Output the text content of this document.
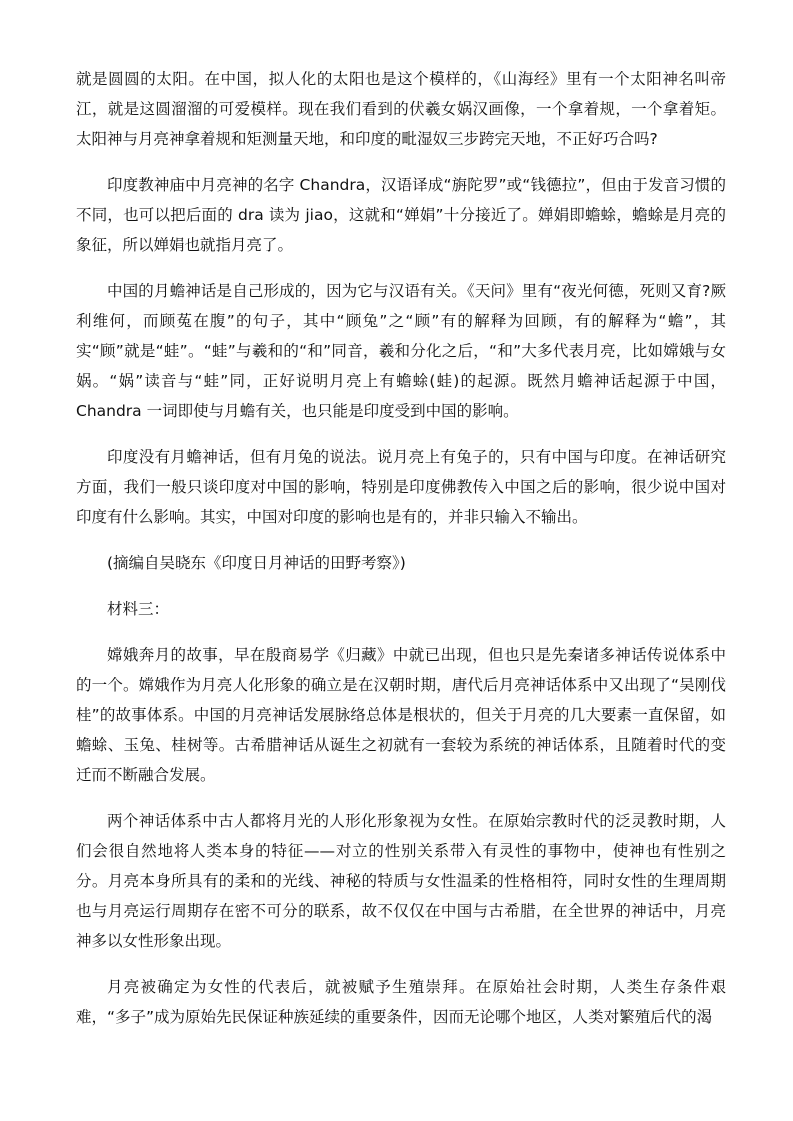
就是圆圆的太阳。在中国，拟人化的太阳也是这个模样的，《山海经》里有一个太阳神名叫帝江，就是这圆溜溜的可爱模样。现在我们看到的伏羲女娲汉画像，一个拿着规，一个拿着矩。太阳神与月亮神拿着规和矩测量天地，和印度的毗湿奴三步跨完天地，不正好巧合吗?

印度教神庙中月亮神的名字 Chandra，汉语译成“旃陀罗”或“钱德拉”，但由于发音习惯的不同，也可以把后面的 dra 读为 jiao，这就和“婵娟”十分接近了。婵娟即蟾蜍，蟾蜍是月亮的象征，所以婵娟也就指月亮了。

中国的月蟾神话是自己形成的，因为它与汉语有关。《天问》里有“夜光何德，死则又育?厥利维何，而顾菟在腹”的句子，其中“顾兔”之“顾”有的解释为回顾，有的解释为“蟾”，其实“顾”就是“蛙”。“蛙”与羲和的“和”同音，羲和分化之后，“和”大多代表月亮，比如嫦娥与女娲。“娲”读音与“蛙”同，正好说明月亮上有蟾蜍(蛙)的起源。既然月蟾神话起源于中国，Chandra 一词即使与月蟾有关，也只能是印度受到中国的影响。

印度没有月蟾神话，但有月兔的说法。说月亮上有兔子的，只有中国与印度。在神话研究方面，我们一般只谈印度对中国的影响，特别是印度佛教传入中国之后的影响，很少说中国对印度有什么影响。其实，中国对印度的影响也是有的，并非只输入不输出。

(摘编自吴晓东《印度日月神话的田野考察》)

材料三：

嫦娥奔月的故事，早在殷商易学《归藏》中就已出现，但也只是先秦诸多神话传说体系中的一个。嫦娥作为月亮人化形象的确立是在汉朝时期，唐代后月亮神话体系中又出现了“吴刚伐桂”的故事体系。中国的月亮神话发展脉络总体是根状的，但关于月亮的几大要素一直保留，如蟾蜍、玉兔、桂树等。古希腊神话从诞生之初就有一套较为系统的神话体系，且随着时代的变迁而不断融合发展。

两个神话体系中古人都将月光的人形化形象视为女性。在原始宗教时代的泛灵教时期，人们会很自然地将人类本身的特征——对立的性别关系带入有灵性的事物中，使神也有性别之分。月亮本身所具有的柔和的光线、神秘的特质与女性温柔的性格相符，同时女性的生理周期也与月亮运行周期存在密不可分的联系，故不仅仅在中国与古希腊，在全世界的神话中，月亮神多以女性形象出现。

月亮被确定为女性的代表后，就被赋予生殖崇拜。在原始社会时期，人类生存条件艰难，“多子”成为原始先民保证种族延续的重要条件，因而无论哪个地区，人类对繁殖后代的渴
